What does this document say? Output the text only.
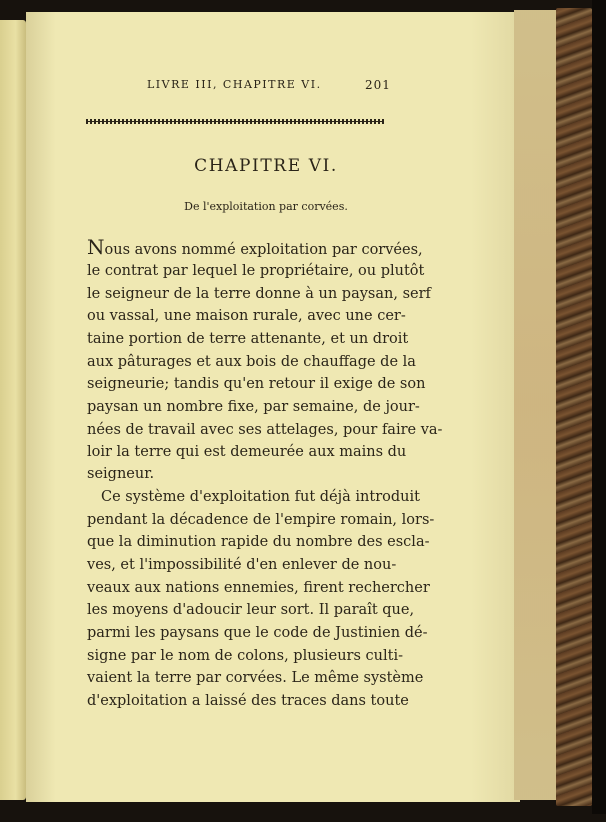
LIVRE III, CHAPITRE VI.	201
CHAPITRE VI.
De l'exploitation par corvées.
Nous avons nommé exploitation par corvées,
le contrat par lequel le propriétaire, ou plutôt
le seigneur de la terre donne à un paysan, serf
ou vassal, une maison rurale, avec une cer-
taine portion de terre attenante, et un droit
aux pâturages et aux bois de chauffage de la
seigneurie; tandis qu'en retour il exige de son
paysan un nombre fixe, par semaine, de jour-
nées de travail avec ses attelages, pour faire va-
loir la terre qui est demeurée aux mains du
seigneur.
Ce système d'exploitation fut déjà introduit
pendant la décadence de l'empire romain, lors-
que la diminution rapide du nombre des escla-
ves, et l'impossibilité d'en enlever de nou-
veaux aux nations ennemies, firent rechercher
les moyens d'adoucir leur sort. Il paraît que,
parmi les paysans que le code de Justinien dé-
signe par le nom de colons, plusieurs culti-
vaient la terre par corvées. Le même système
d'exploitation a laissé des traces dans toute
